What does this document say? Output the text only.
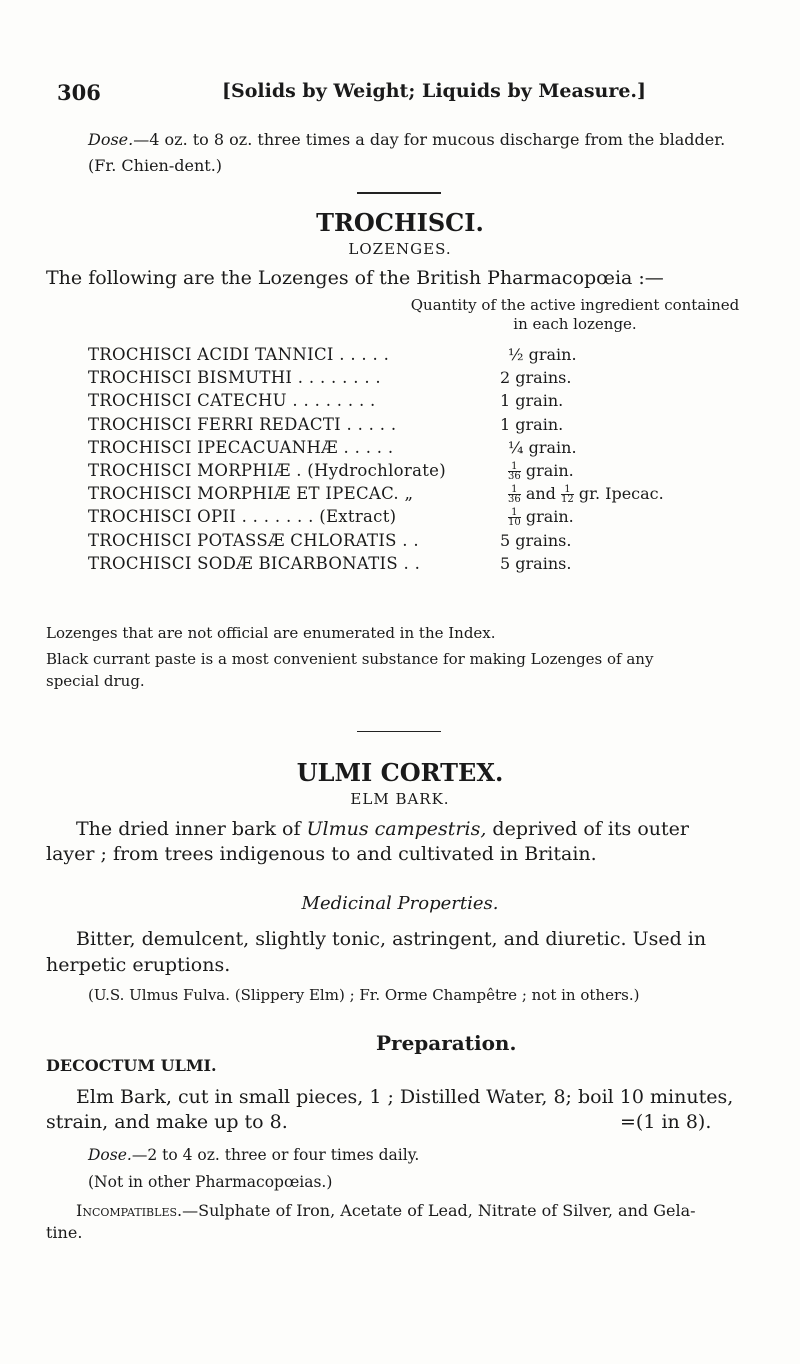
306	[Solids by Weight; Liquids by Measure.]
Dose.—4 oz. to 8 oz. three times a day for mucous discharge from the bladder.
(Fr. Chien-dent.)
TROCHISCI.
LOZENGES.
The following are the Lozenges of the British Pharmacopœia :—
Quantity of the active ingredient contained in each lozenge.
TROCHISCI ACIDI TANNICI . . . . .	½ grain.
TROCHISCI BISMUTHI . . . . . . . .	2 grains.
TROCHISCI CATECHU . . . . . . . .	1 grain.
TROCHISCI FERRI REDACTI . . . . .	1 grain.
TROCHISCI IPECACUANHÆ . . . . .	¼ grain.
TROCHISCI MORPHIÆ . (Hydrochlorate)	$\frac{1}{36}$ grain.
TROCHISCI MORPHIÆ ET IPECAC. „	$\frac{1}{36}$ and $\frac{1}{12}$ gr. Ipecac.
TROCHISCI OPII . . . . . . . (Extract)	$\frac{1}{10}$ grain.
TROCHISCI POTASSÆ CHLORATIS . .	5 grains.
TROCHISCI SODÆ BICARBONATIS . .	5 grains.
Lozenges that are not official are enumerated in the Index.
Black currant paste is a most convenient substance for making Lozenges of any
special drug.
ULMI CORTEX.
ELM BARK.
The dried inner bark of Ulmus campestris, deprived of its outer
layer ; from trees indigenous to and cultivated in Britain.
Medicinal Properties.
Bitter, demulcent, slightly tonic, astringent, and diuretic. Used in
herpetic eruptions.
(U.S. Ulmus Fulva. (Slippery Elm) ; Fr. Orme Champêtre ; not in others.)
Preparation.
DECOCTUM ULMI.
Elm Bark, cut in small pieces, 1 ; Distilled Water, 8; boil 10 minutes,
strain, and make up to 8.	=(1 in 8).
Dose.—2 to 4 oz. three or four times daily.
(Not in other Pharmacopœias.)
Incompatibles.—Sulphate of Iron, Acetate of Lead, Nitrate of Silver, and Gela-
tine.
